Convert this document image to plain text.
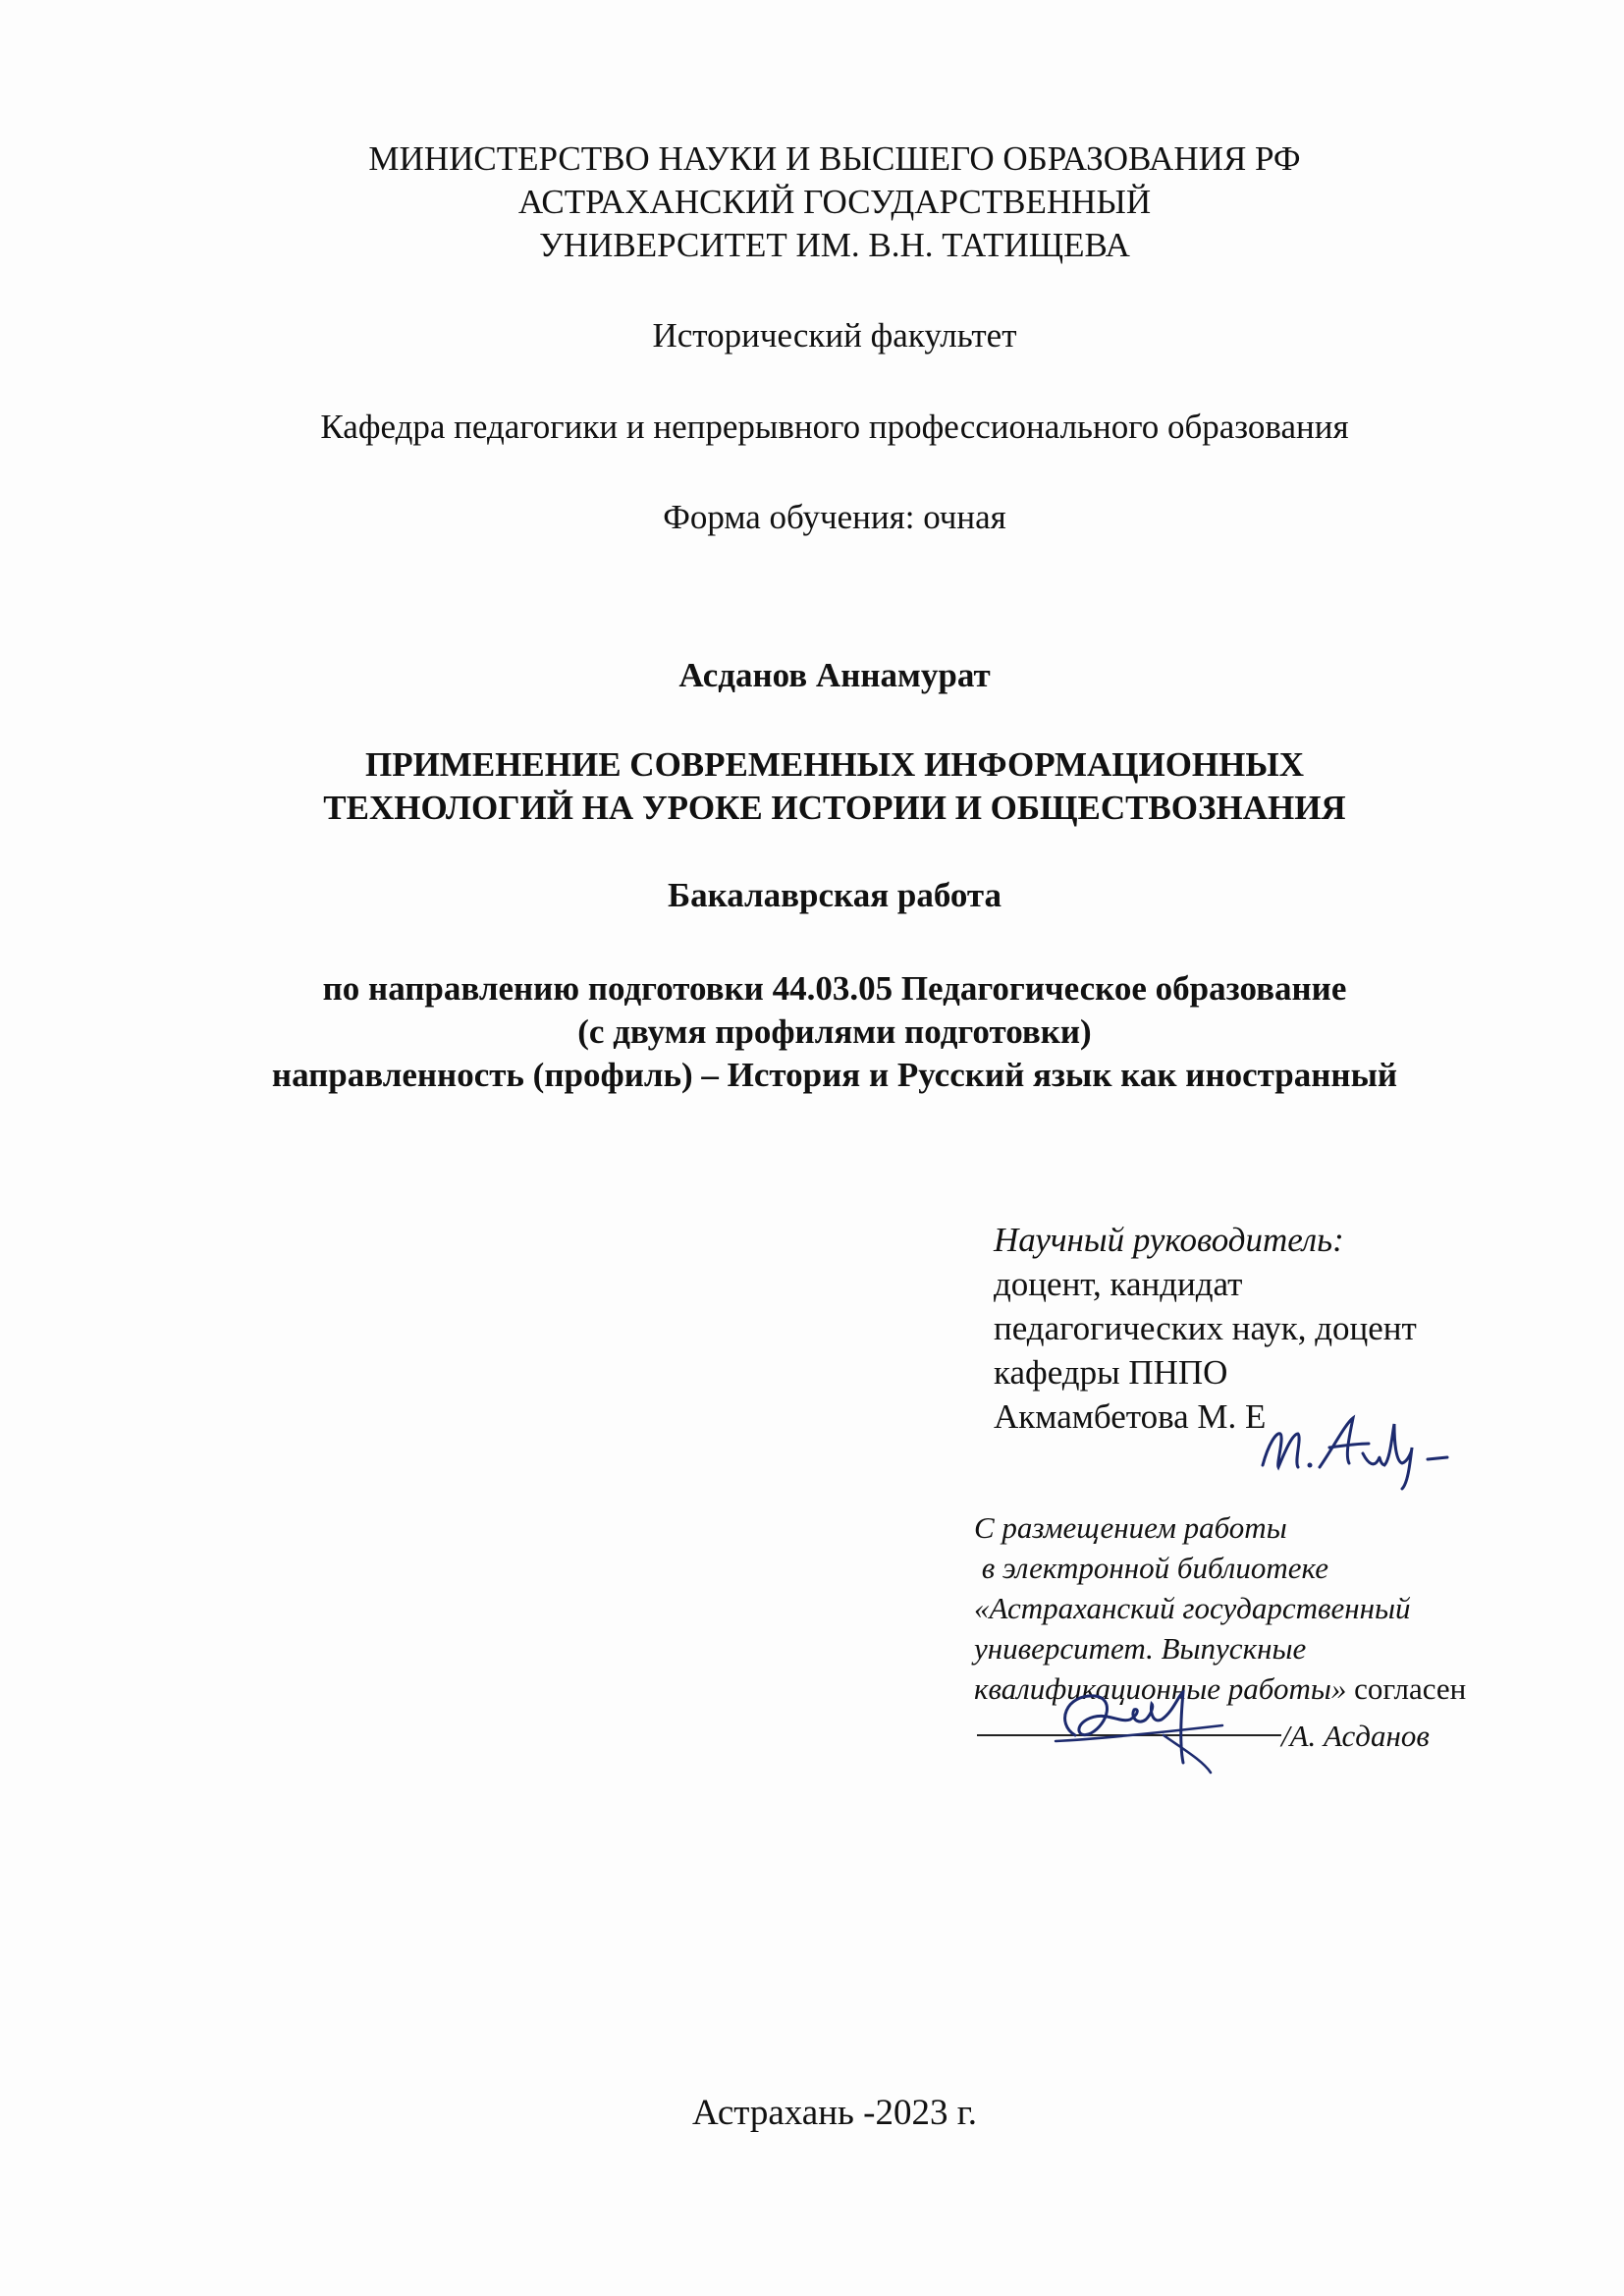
МИНИСТЕРСТВО НАУКИ И ВЫСШЕГО ОБРАЗОВАНИЯ РФ
АСТРАХАНСКИЙ ГОСУДАРСТВЕННЫЙ
УНИВЕРСИТЕТ ИМ. В.Н. ТАТИЩЕВА
Исторический факультет
Кафедра педагогики и непрерывного профессионального образования
Форма обучения: очная
Асданов Аннамурат
ПРИМЕНЕНИЕ СОВРЕМЕННЫХ ИНФОРМАЦИОННЫХ
ТЕХНОЛОГИЙ НА УРОКЕ ИСТОРИИ И ОБЩЕСТВОЗНАНИЯ
Бакалаврская работа
по направлению подготовки 44.03.05 Педагогическое образование
(с двумя профилями подготовки)
направленность (профиль) – История и Русский язык как иностранный
Научный руководитель:
доцент, кандидат
педагогических наук, доцент
кафедры ПНПО
Акмамбетова М. Е
С размещением работы
в электронной библиотеке
«Астраханский государственный
университет. Выпускные
квалификационные работы» согласен
/А. Асданов
Астрахань -2023 г.
